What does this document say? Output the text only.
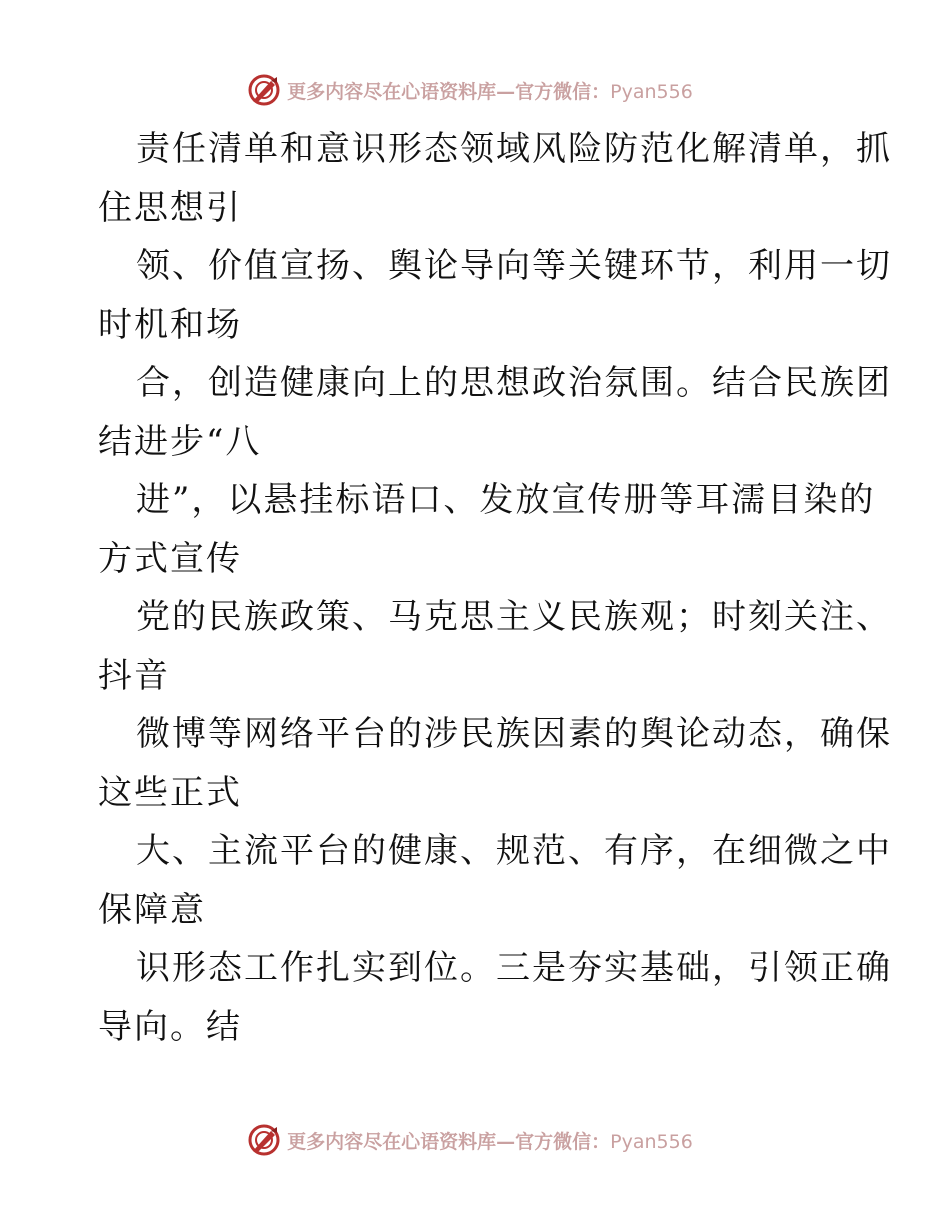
更多内容尽在心语资料库—官方微信：Pyan556
责任清单和意识形态领域风险防范化解清单，抓
住思想引
领、价值宣扬、舆论导向等关键环节，利用一切
时机和场
合，创造健康向上的思想政治氛围。结合民族团
结进步“八
进”，以悬挂标语口、发放宣传册等耳濡目染的
方式宣传
党的民族政策、马克思主义民族观；时刻关注、
抖音
微博等网络平台的涉民族因素的舆论动态，确保
这些正式
大、主流平台的健康、规范、有序，在细微之中
保障意
识形态工作扎实到位。三是夯实基础，引领正确
导向。结
更多内容尽在心语资料库—官方微信：Pyan556
